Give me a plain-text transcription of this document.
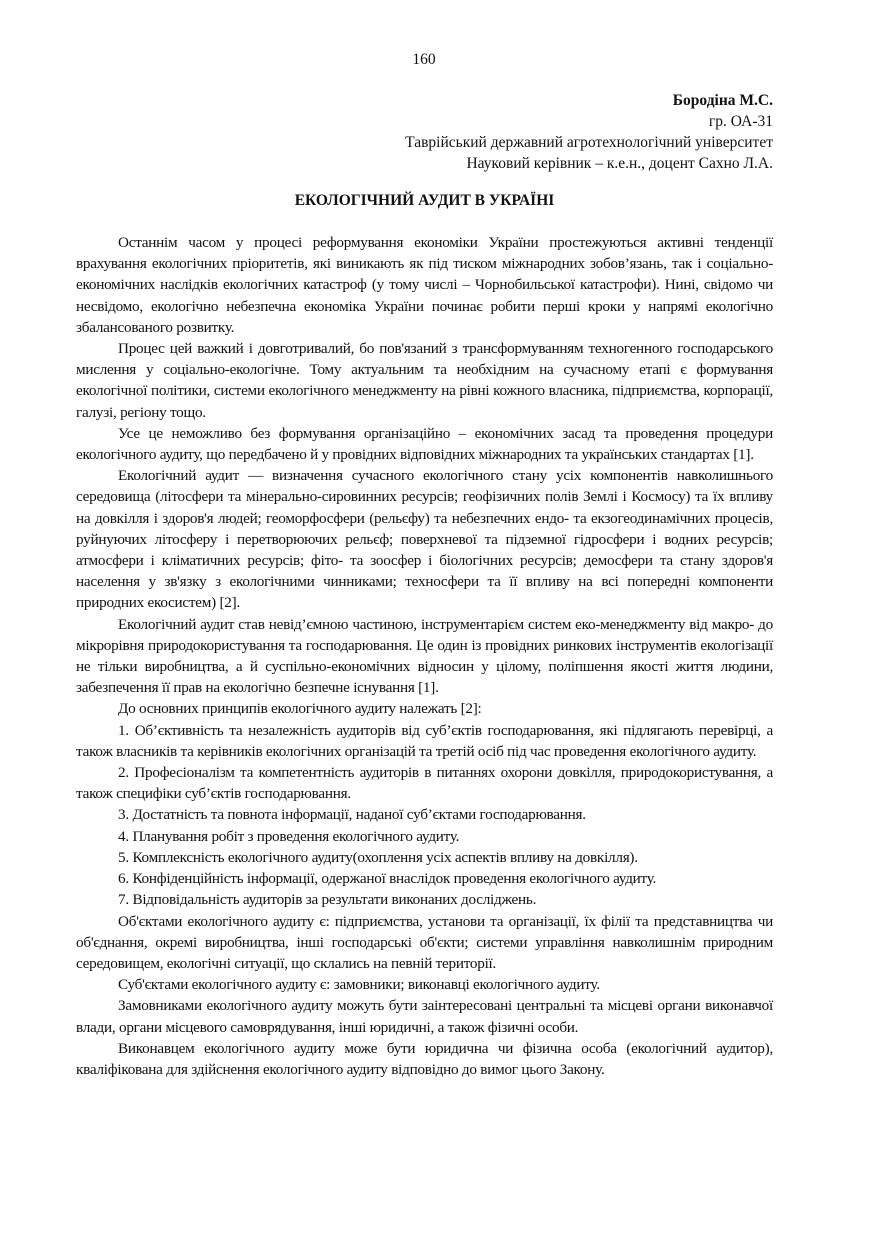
160
Бородіна М.С.
гр. ОА-31
Таврійський державний агротехнологічний університет
Науковий керівник – к.е.н., доцент Сахно Л.А.
ЕКОЛОГІЧНИЙ АУДИТ В УКРАЇНІ

Останнім часом у процесі реформування економіки України простежуються активні тенденції врахування екологічних пріоритетів, які виникають як під тиском міжнародних зобов’язань, так і соціально-економічних наслідків екологічних катастроф (у тому числі – Чорнобильської катастрофи). Нині, свідомо чи несвідомо, екологічно небезпечна економіка України починає робити перші кроки у напрямі екологічно збалансованого розвитку.

Процес цей важкий і довготривалий, бо пов'язаний з трансформуванням техногенного господарського мислення у соціально-екологічне. Тому актуальним та необхідним на сучасному етапі є формування екологічної політики, системи екологічного менеджменту на рівні кожного власника, підприємства, корпорації, галузі, регіону тощо.

Усе це неможливо без формування організаційно – економічних засад та проведення процедури екологічного аудиту, що передбачено й у провідних відповідних міжнародних та українських стандартах [1].

Екологічний аудит — визначення сучасного екологічного стану усіх компонентів навколишнього середовища (літосфери та мінерально-сировинних ресурсів; геофізичних полів Землі і Космосу) та їх впливу на довкілля і здоров'я людей; геоморфосфери (рельєфу) та небезпечних ендо- та екзогеодинамічних процесів, руйнуючих літосферу і перетворюючих рельєф; поверхневої та підземної гідросфери і водних ресурсів; атмосфери і кліматичних ресурсів; фіто- та зоосфер і біологічних ресурсів; демосфери та стану здоров'я населення у зв'язку з екологічними чинниками; техносфери та її впливу на всі попередні компоненти природних екосистем) [2].

Екологічний аудит став невід’ємною частиною, інструментарієм систем еко-менеджменту від макро- до мікрорівня природокористування та господарювання. Це один із провідних ринкових інструментів екологізації не тільки виробництва, а й суспільно-економічних відносин у цілому, поліпшення якості життя людини, забезпечення її прав на екологічно безпечне існування [1].

До основних принципів екологічного аудиту належать [2]:

1. Об’єктивність та незалежність аудиторів від суб’єктів господарювання, які підлягають перевірці, а також власників та керівників екологічних організацій та третій осіб під час проведення екологічного аудиту.

2. Професіоналізм та компетентність аудиторів в питаннях охорони довкілля, природокористування, а також специфіки суб’єктів господарювання.

3. Достатність та повнота інформації, наданої суб’єктами господарювання.

4. Планування робіт з проведення екологічного аудиту.

5. Комплексність екологічного аудиту(охоплення усіх аспектів впливу на довкілля).

6. Конфіденційність інформації, одержаної внаслідок проведення екологічного аудиту.

7. Відповідальність аудиторів за результати виконаних досліджень.

Об'єктами екологічного аудиту є: підприємства, установи та організації, їх філії та представництва чи об'єднання, окремі виробництва, інші господарські об'єкти; системи управління навколишнім природним середовищем, екологічні ситуації, що склались на певній території.

Суб'єктами екологічного аудиту є: замовники; виконавці екологічного аудиту.

Замовниками екологічного аудиту можуть бути заінтересовані центральні та місцеві органи виконавчої влади, органи місцевого самоврядування, інші юридичні, а також фізичні особи.

Виконавцем екологічного аудиту може бути юридична чи фізична особа (екологічний аудитор), кваліфікована для здійснення екологічного аудиту відповідно до вимог цього Закону.
